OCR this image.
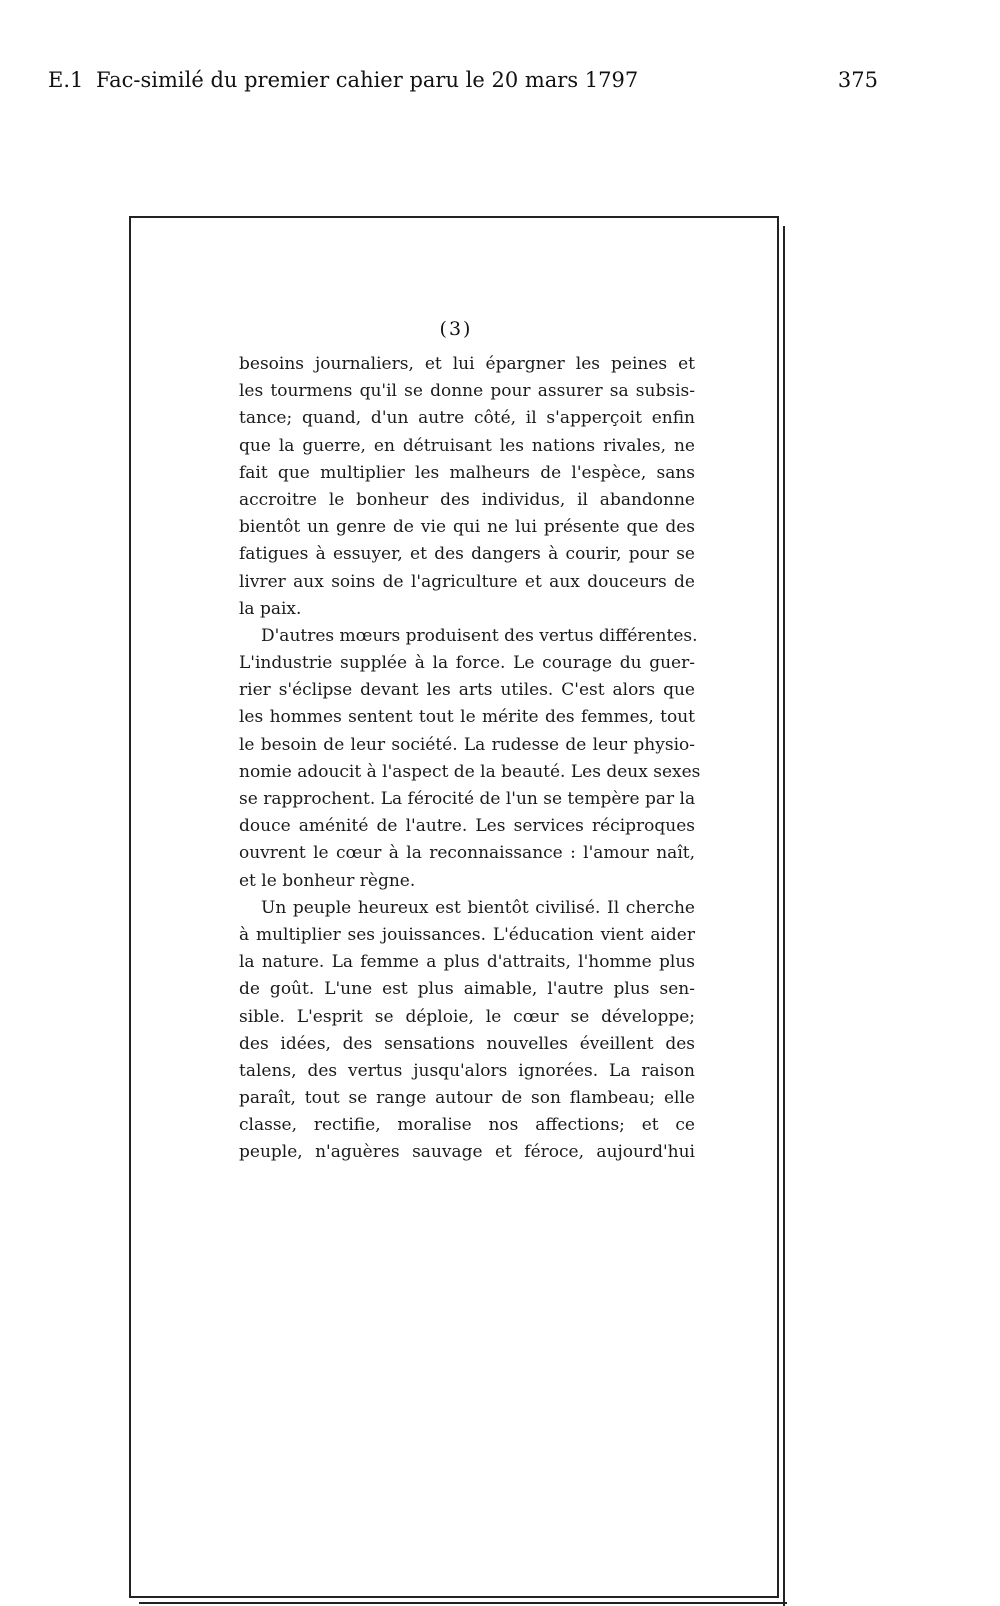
E.1 Fac-similé du premier cahier paru le 20 mars 1797	375
(3)
besoins journaliers, et lui épargner les peines et
les tourmens qu'il se donne pour assurer sa subsis-
tance; quand, d'un autre côté, il s'apperçoit enfin
que la guerre, en détruisant les nations rivales, ne
fait que multiplier les malheurs de l'espèce, sans
accroitre le bonheur des individus, il abandonne
bientôt un genre de vie qui ne lui présente que des
fatigues à essuyer, et des dangers à courir, pour se
livrer aux soins de l'agriculture et aux douceurs de
la paix.
D'autres mœurs produisent des vertus différentes.
L'industrie supplée à la force. Le courage du guer-
rier s'éclipse devant les arts utiles. C'est alors que
les hommes sentent tout le mérite des femmes, tout
le besoin de leur société. La rudesse de leur physio-
nomie adoucit à l'aspect de la beauté. Les deux sexes
se rapprochent. La férocité de l'un se tempère par la
douce aménité de l'autre. Les services réciproques
ouvrent le cœur à la reconnaissance : l'amour naît,
et le bonheur règne.
Un peuple heureux est bientôt civilisé. Il cherche
à multiplier ses jouissances. L'éducation vient aider
la nature. La femme a plus d'attraits, l'homme plus
de goût. L'une est plus aimable, l'autre plus sen-
sible. L'esprit se déploie, le cœur se développe;
des idées, des sensations nouvelles éveillent des
talens, des vertus jusqu'alors ignorées. La raison
paraît, tout se range autour de son flambeau; elle
classe, rectifie, moralise nos affections; et ce
peuple, n'aguères sauvage et féroce, aujourd'hui
